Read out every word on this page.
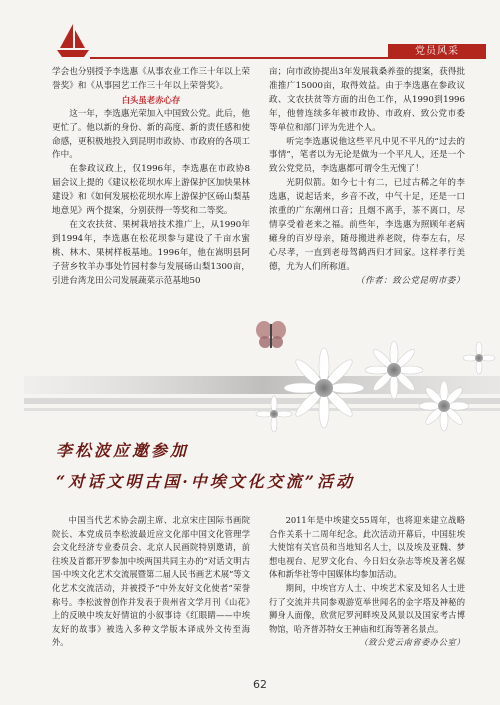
党员风采

学会也分别授予李选惠《从事农业工作三十年以上荣誉奖》和《从事园艺工作三十年以上荣誉奖》。

白头虽老赤心存

这一年，李选惠光荣加入中国致公党。此后，他更忙了。他以新的身份、新的高度、新的责任感和使命感，更积极地投入到昆明市政协、市政府的各项工作中。

在参政议政上，仅1996年，李选惠在市政协8届会议上提的《建议松花坝水库上游保护区加快果林建设》和《如何发展松花坝水库上游保护区砀山梨基地意见》两个提案，分别获得一等奖和二等奖。

在文农扶贫、果树栽培技术推广上，从1990年到1994年，李选惠在松花坝参与建设了千亩水蜜桃、林木、果树样板基地。1996年，他在嵩明县阿子营乡牧羊办事处竹园村参与发展砀山梨1300亩，引进台湾龙田公司发展蔬菜示范基地50

亩；向市政协提出3年发展栽桑养蚕的提案，获得批准推广15000亩，取得效益。由于李选惠在参政议政、文农扶贫等方面的出色工作，从1990到1996年，他曾连续多年被市政协、市政府、致公党市委等单位和部门评为先进个人。

听完李选惠说他这些平凡中见不平凡的“过去的事情”，笔者以为无论是做为一个平凡人，还是一个致公党党员，李选惠都可谓令生无愧了！

光阴似箭。如今七十有二，已过古稀之年的李选惠，说起话来，乡音不改，中气十足，还是一口浓重的广东潮州口音；且烟不离手，茶不离口，尽情享受着老来之福。前些年，李选惠为照顾年老病瘫身的百岁母亲，随母搬进养老院，侍奉左右，尽心尽孝，一直到老母驾鹤西归才回家。这样孝行美德，尤为人们所称道。

（作者：致公党昆明市委）

李松波应邀参加
“对话文明古国·中埃文化交流”活动

中国当代艺术协会副主席、北京宋庄国际书画院院长、本党成员李松波最近应文化部中国文化管理学会文化经济专业委员会、北京人民画院特别邀请，前往埃及首都开罗参加中埃两国共同主办的“对话文明古国·中埃文化艺术交流展暨第二届人民书画艺术展”等文化艺术交流活动，并被授予“中外友好文化使者”荣誉称号。李松波曾创作并发表于贵州省文学月刊《山花》上的反映中埃友好情谊的小叙事诗《红眼睛——中埃友好的故事》被选入多种文学版本译成外文传至海外。

2011年是中埃建交55周年，也将迎来建立战略合作关系十二周年纪念。此次活动开幕后，中国驻埃大使馆有关官员和当地知名人士，以及埃及亚魏、梦想电视台、尼罗文化台、今日妇女杂志等埃及著名媒体和新华社等中国媒体均参加活动。

期间，中埃官方人士、中埃艺术家及知名人士进行了交流并共同参观游览举世闻名的金字塔及神秘的狮身人面像，欣赏尼罗河畔埃及风景以及国家考古博物馆，哈齐普苏特女王神庙和红海等著名景点。

（致公党云南省委办公室）

62
